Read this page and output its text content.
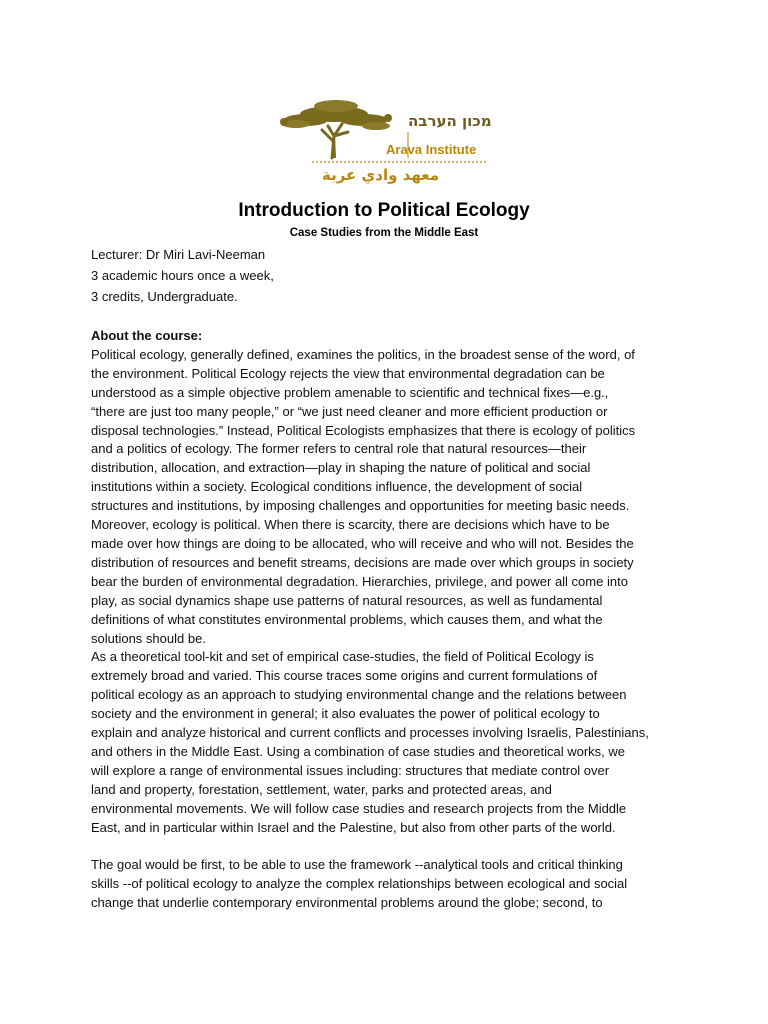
מכון הערבה
Arava Institute
معهد وادي عربة
Introduction to Political Ecology
Case Studies from the Middle East
Lecturer: Dr Miri Lavi-Neeman
3 academic hours once a week,
3 credits, Undergraduate.
About the course:
Political ecology, generally defined, examines the politics, in the broadest sense of the word, of
the environment. Political Ecology rejects the view that environmental degradation can be
understood as a simple objective problem amenable to scientific and technical fixes—e.g.,
“there are just too many people,” or “we just need cleaner and more efficient production or
disposal technologies.” Instead, Political Ecologists emphasizes that there is ecology of politics
and a politics of ecology. The former refers to central role that natural resources—their
distribution, allocation, and extraction—play in shaping the nature of political and social
institutions within a society. Ecological conditions influence, the development of social
structures and institutions, by imposing challenges and opportunities for meeting basic needs.
Moreover, ecology is political. When there is scarcity, there are decisions which have to be
made over how things are doing to be allocated, who will receive and who will not. Besides the
distribution of resources and benefit streams, decisions are made over which groups in society
bear the burden of environmental degradation. Hierarchies, privilege, and power all come into
play, as social dynamics shape use patterns of natural resources, as well as fundamental
definitions of what constitutes environmental problems, which causes them, and what the
solutions should be.
As a theoretical tool-kit and set of empirical case-studies, the field of Political Ecology is
extremely broad and varied. This course traces some origins and current formulations of
political ecology as an approach to studying environmental change and the relations between
society and the environment in general; it also evaluates the power of political ecology to
explain and analyze historical and current conflicts and processes involving Israelis, Palestinians,
and others in the Middle East. Using a combination of case studies and theoretical works, we
will explore a range of environmental issues including: structures that mediate control over
land and property, forestation, settlement, water, parks and protected areas, and
environmental movements. We will follow case studies and research projects from the Middle
East, and in particular within Israel and the Palestine, but also from other parts of the world.
The goal would be first, to be able to use the framework --analytical tools and critical thinking
skills --of political ecology to analyze the complex relationships between ecological and social
change that underlie contemporary environmental problems around the globe; second, to
